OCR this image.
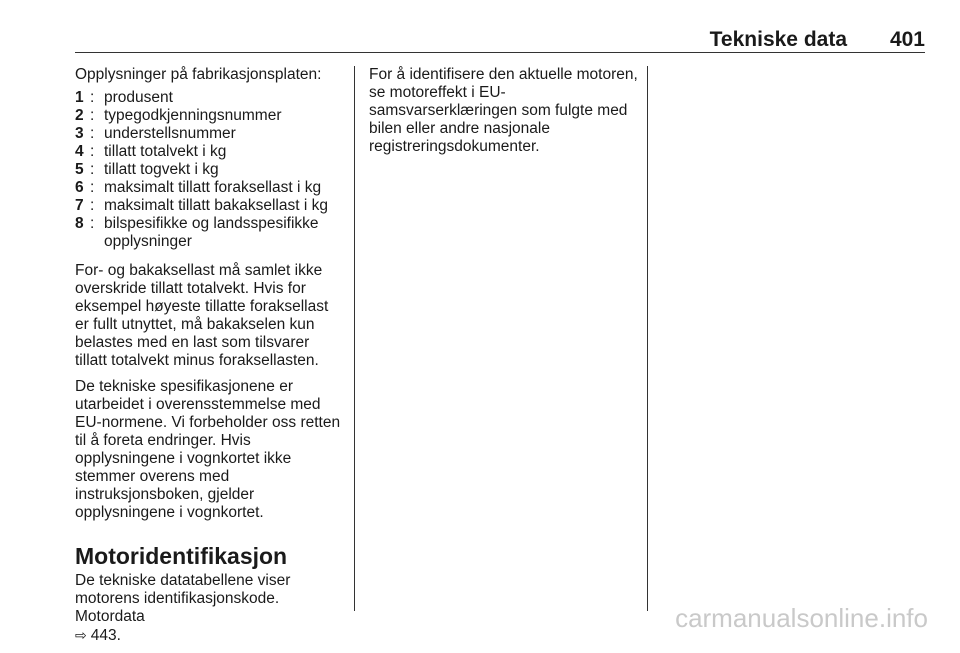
Tekniske data 401

Opplysninger på fabrikasjonsplaten:

1 : produsent
2 : typegodkjenningsnummer
3 : understellsnummer
4 : tillatt totalvekt i kg
5 : tillatt togvekt i kg
6 : maksimalt tillatt foraksellast i kg
7 : maksimalt tillatt bakaksellast i kg
8 : bilspesifikke og landsspesifikke opplysninger

For- og bakaksellast må samlet ikke overskride tillatt totalvekt. Hvis for eksempel høyeste tillatte foraksellast er fullt utnyttet, må bakakselen kun belastes med en last som tilsvarer tillatt totalvekt minus foraksellasten.

De tekniske spesifikasjonene er utarbeidet i overensstemmelse med EU-normene. Vi forbeholder oss retten til å foreta endringer. Hvis opplysningene i vognkortet ikke stemmer overens med instruksjonsboken, gjelder opplysningene i vognkortet.

Motoridentifikasjon

De tekniske datatabellene viser motorens identifikasjonskode. Motordata
⇨ 443.

For å identifisere den aktuelle motoren, se motoreffekt i EU-samsvarserklæringen som fulgte med bilen eller andre nasjonale registreringsdokumenter.

carmanualsonline.info
